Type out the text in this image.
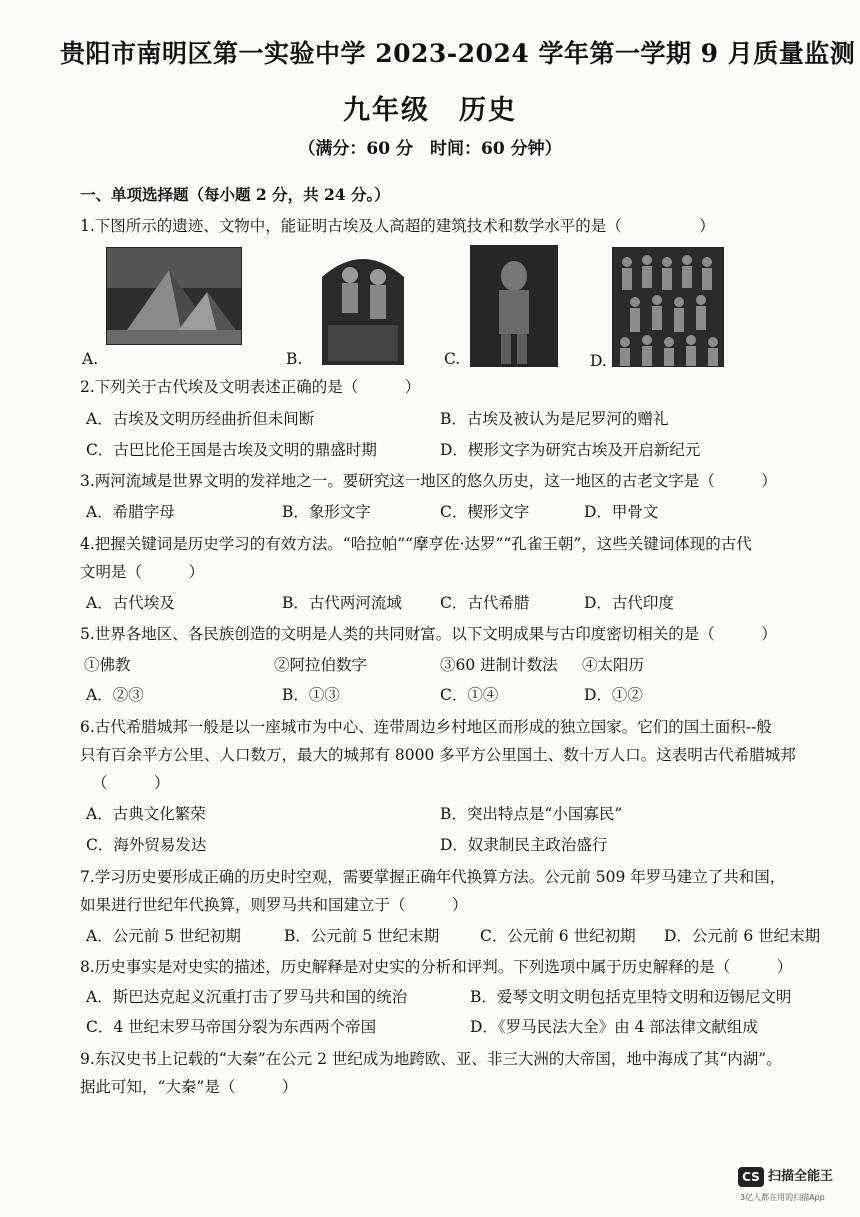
贵阳市南明区第一实验中学 2023-2024 学年第一学期 9 月质量监测
九年级　历史
（满分：60 分　时间：60 分钟）
一、单项选择题（每小题 2 分，共 24 分。）
1.下图所示的遗迹、文物中，能证明古埃及人高超的建筑技术和数学水平的是（　　　　　）
A.	B.	C.	D.
2.下列关于古代埃及文明表述正确的是（　　　）
A．古埃及文明历经曲折但未间断	B．古埃及被认为是尼罗河的赠礼
C．古巴比伦王国是古埃及文明的鼎盛时期	D．楔形文字为研究古埃及开启新纪元
3.两河流域是世界文明的发祥地之一。要研究这一地区的悠久历史，这一地区的古老文字是（　　　）
A．希腊字母	B．象形文字	C．楔形文字	D．甲骨文
4.把握关键词是历史学习的有效方法。“哈拉帕”“摩亨佐·达罗”“孔雀王朝”，这些关键词体现的古代
文明是（　　　）
A．古代埃及	B．古代两河流域 C．古代希腊	D．古代印度
5.世界各地区、各民族创造的文明是人类的共同财富。以下文明成果与古印度密切相关的是（　　　）
①佛教	②阿拉伯数字	③60 进制计数法 ④太阳历
A．②③	B．①③	C．①④	D．①②
6.古代希腊城邦一般是以一座城市为中心、连带周边乡村地区而形成的独立国家。它们的国土面积--般
只有百余平方公里、人口数万，最大的城邦有 8000 多平方公里国土、数十万人口。这表明古代希腊城邦
（　　　）
A．古典文化繁荣	B．突出特点是“小国寡民”
C．海外贸易发达	D．奴隶制民主政治盛行
7.学习历史要形成正确的历史时空观，需要掌握正确年代换算方法。公元前 509 年罗马建立了共和国，
如果进行世纪年代换算，则罗马共和国建立于（　　　）
A．公元前 5 世纪初期	B．公元前 5 世纪末期	C．公元前 6 世纪初期 D．公元前 6 世纪末期
8.历史事实是对史实的描述，历史解释是对史实的分析和评判。下列选项中属于历史解释的是（　　　）
A．斯巴达克起义沉重打击了罗马共和国的统治	B．爱琴文明文明包括克里特文明和迈锡尼文明
C．4 世纪末罗马帝国分裂为东西两个帝国	D．《罗马民法大全》由 4 部法律文献组成
9.东汉史书上记载的“大秦”在公元 2 世纪成为地跨欧、亚、非三大洲的大帝国，地中海成了其“内湖”。
据此可知，“大秦”是（　　　）
CS 扫描全能王
3亿人都在用的扫描App
